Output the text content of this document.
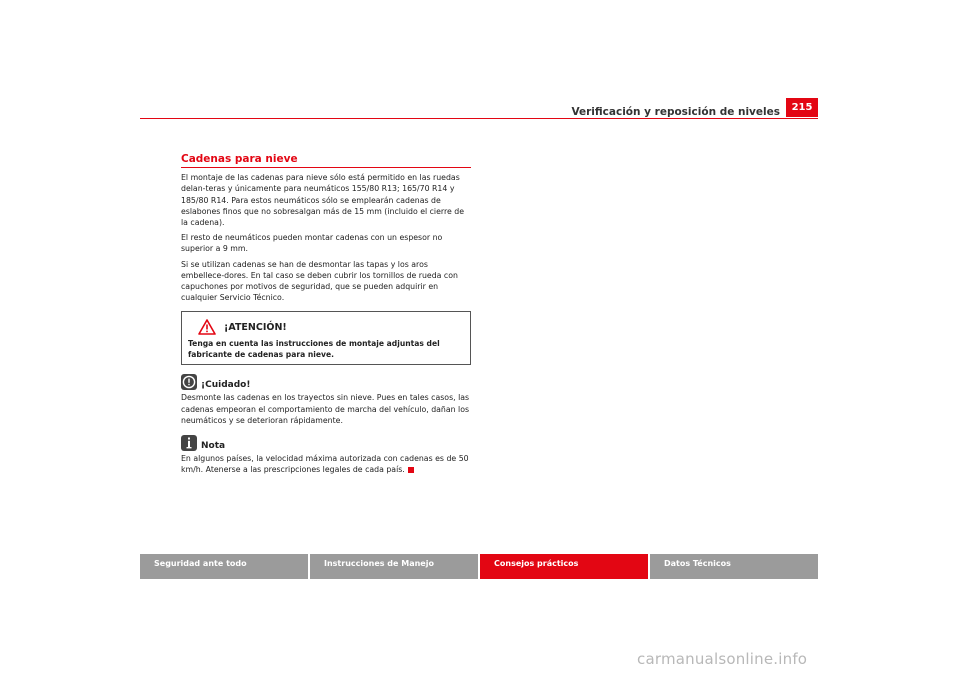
Verificación y reposición de niveles	215
Cadenas para nieve

El montaje de las cadenas para nieve sólo está permitido en las ruedas delan-teras y únicamente para neumáticos 155/80 R13; 165/70 R14 y 185/80 R14. Para estos neumáticos sólo se emplearán cadenas de eslabones finos que no sobresalgan más de 15 mm (incluido el cierre de la cadena).

El resto de neumáticos pueden montar cadenas con un espesor no superior a 9 mm.

Si se utilizan cadenas se han de desmontar las tapas y los aros embellece-dores. En tal caso se deben cubrir los tornillos de rueda con capuchones por motivos de seguridad, que se pueden adquirir en cualquier Servicio Técnico.

¡ATENCIÓN!
Tenga en cuenta las instrucciones de montaje adjuntas del fabricante de cadenas para nieve.
¡Cuidado!

Desmonte las cadenas en los trayectos sin nieve. Pues en tales casos, las cadenas empeoran el comportamiento de marcha del vehículo, dañan los neumáticos y se deterioran rápidamente.

Nota

En algunos países, la velocidad máxima autorizada con cadenas es de 50 km/h. Atenerse a las prescripciones legales de cada país.

Seguridad ante todo	Instrucciones de Manejo	Consejos prácticos	Datos Técnicos
carmanualsonline.info
